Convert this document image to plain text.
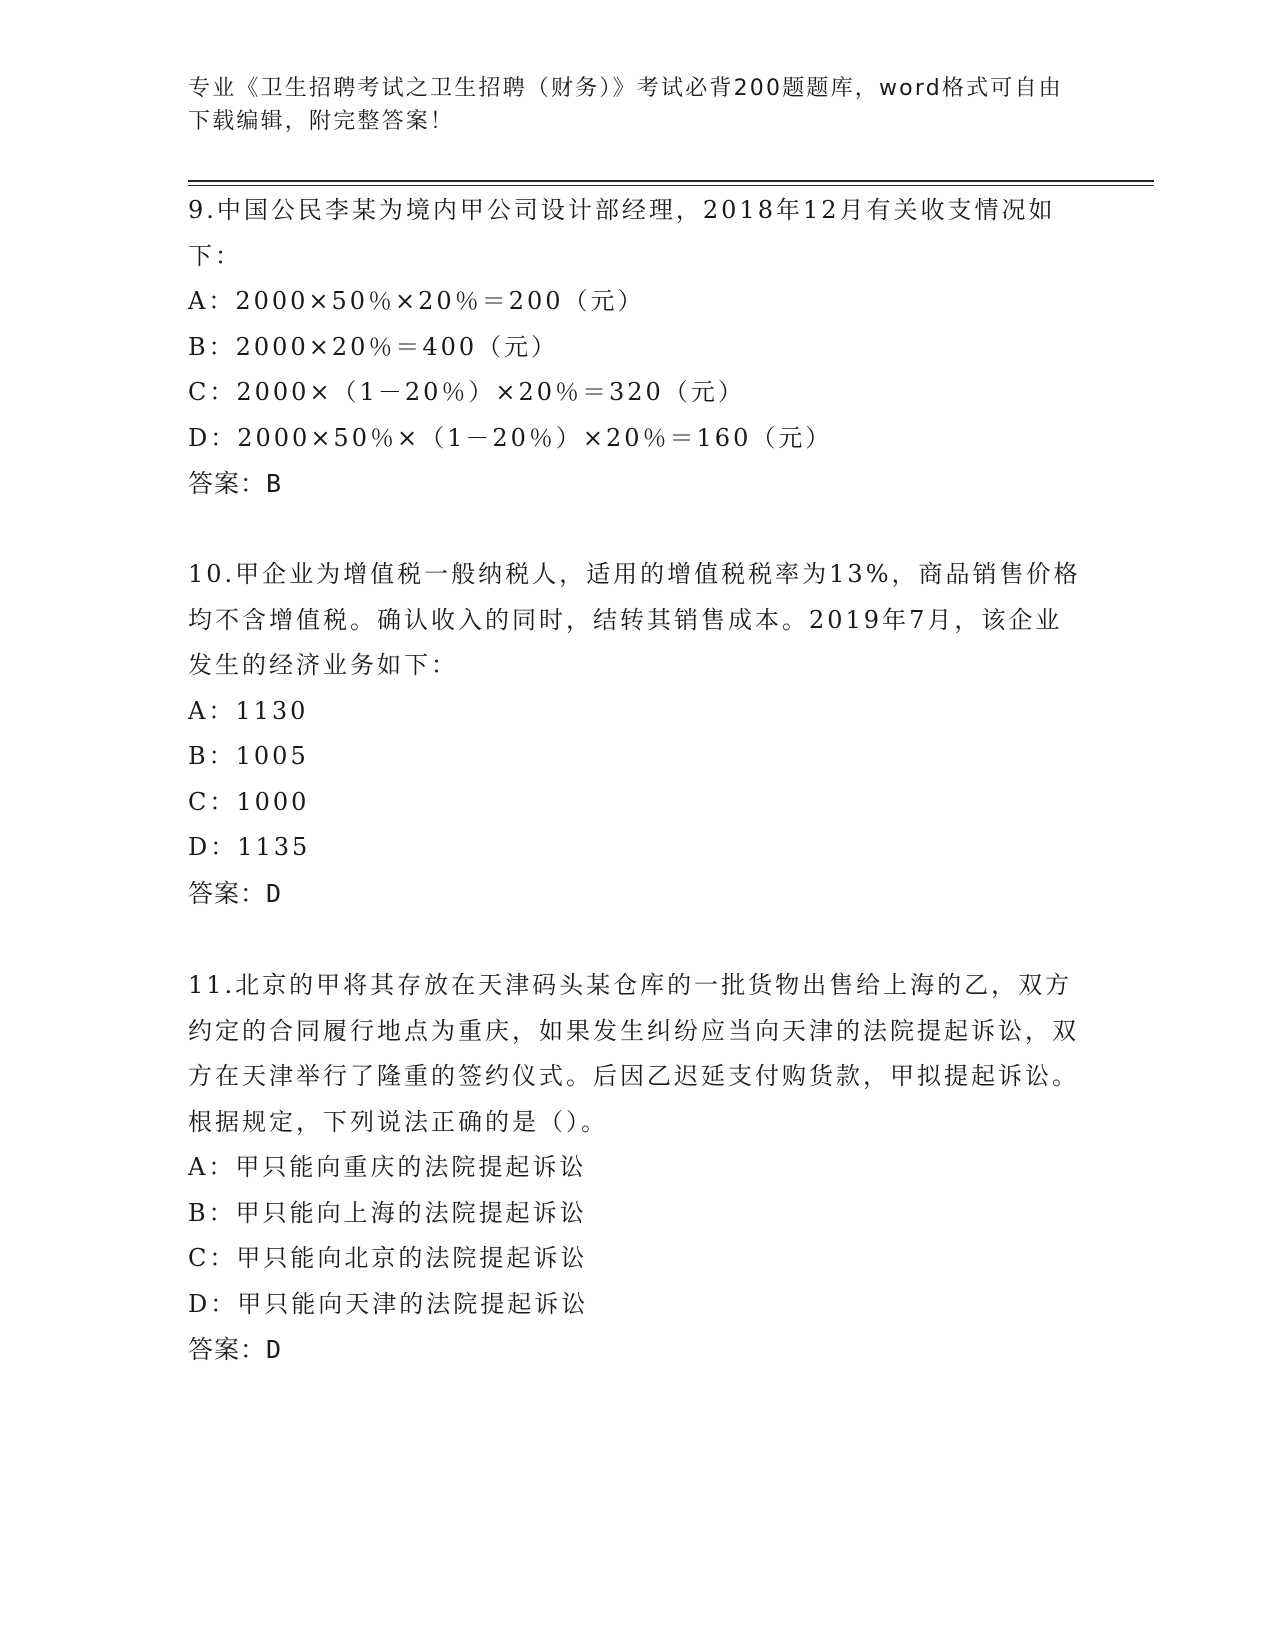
专业《卫生招聘考试之卫生招聘（财务）》考试必背200题题库，word格式可自由下载编辑，附完整答案！

9.中国公民李某为境内甲公司设计部经理，2018年12月有关收支情况如下：

A：2000×50％×20％＝200（元）

B：2000×20％＝400（元）

C：2000×（1－20％）×20％＝320（元）

D：2000×50％×（1－20％）×20％＝160（元）

答案：B

10.甲企业为增值税一般纳税人，适用的增值税税率为13%，商品销售价格均不含增值税。确认收入的同时，结转其销售成本。2019年7月，该企业发生的经济业务如下：

A：1130

B：1005

C：1000

D：1135

答案：D

11.北京的甲将其存放在天津码头某仓库的一批货物出售给上海的乙，双方约定的合同履行地点为重庆，如果发生纠纷应当向天津的法院提起诉讼，双方在天津举行了隆重的签约仪式。后因乙迟延支付购货款，甲拟提起诉讼。根据规定，下列说法正确的是（）。

A：甲只能向重庆的法院提起诉讼

B：甲只能向上海的法院提起诉讼

C：甲只能向北京的法院提起诉讼

D：甲只能向天津的法院提起诉讼

答案：D
